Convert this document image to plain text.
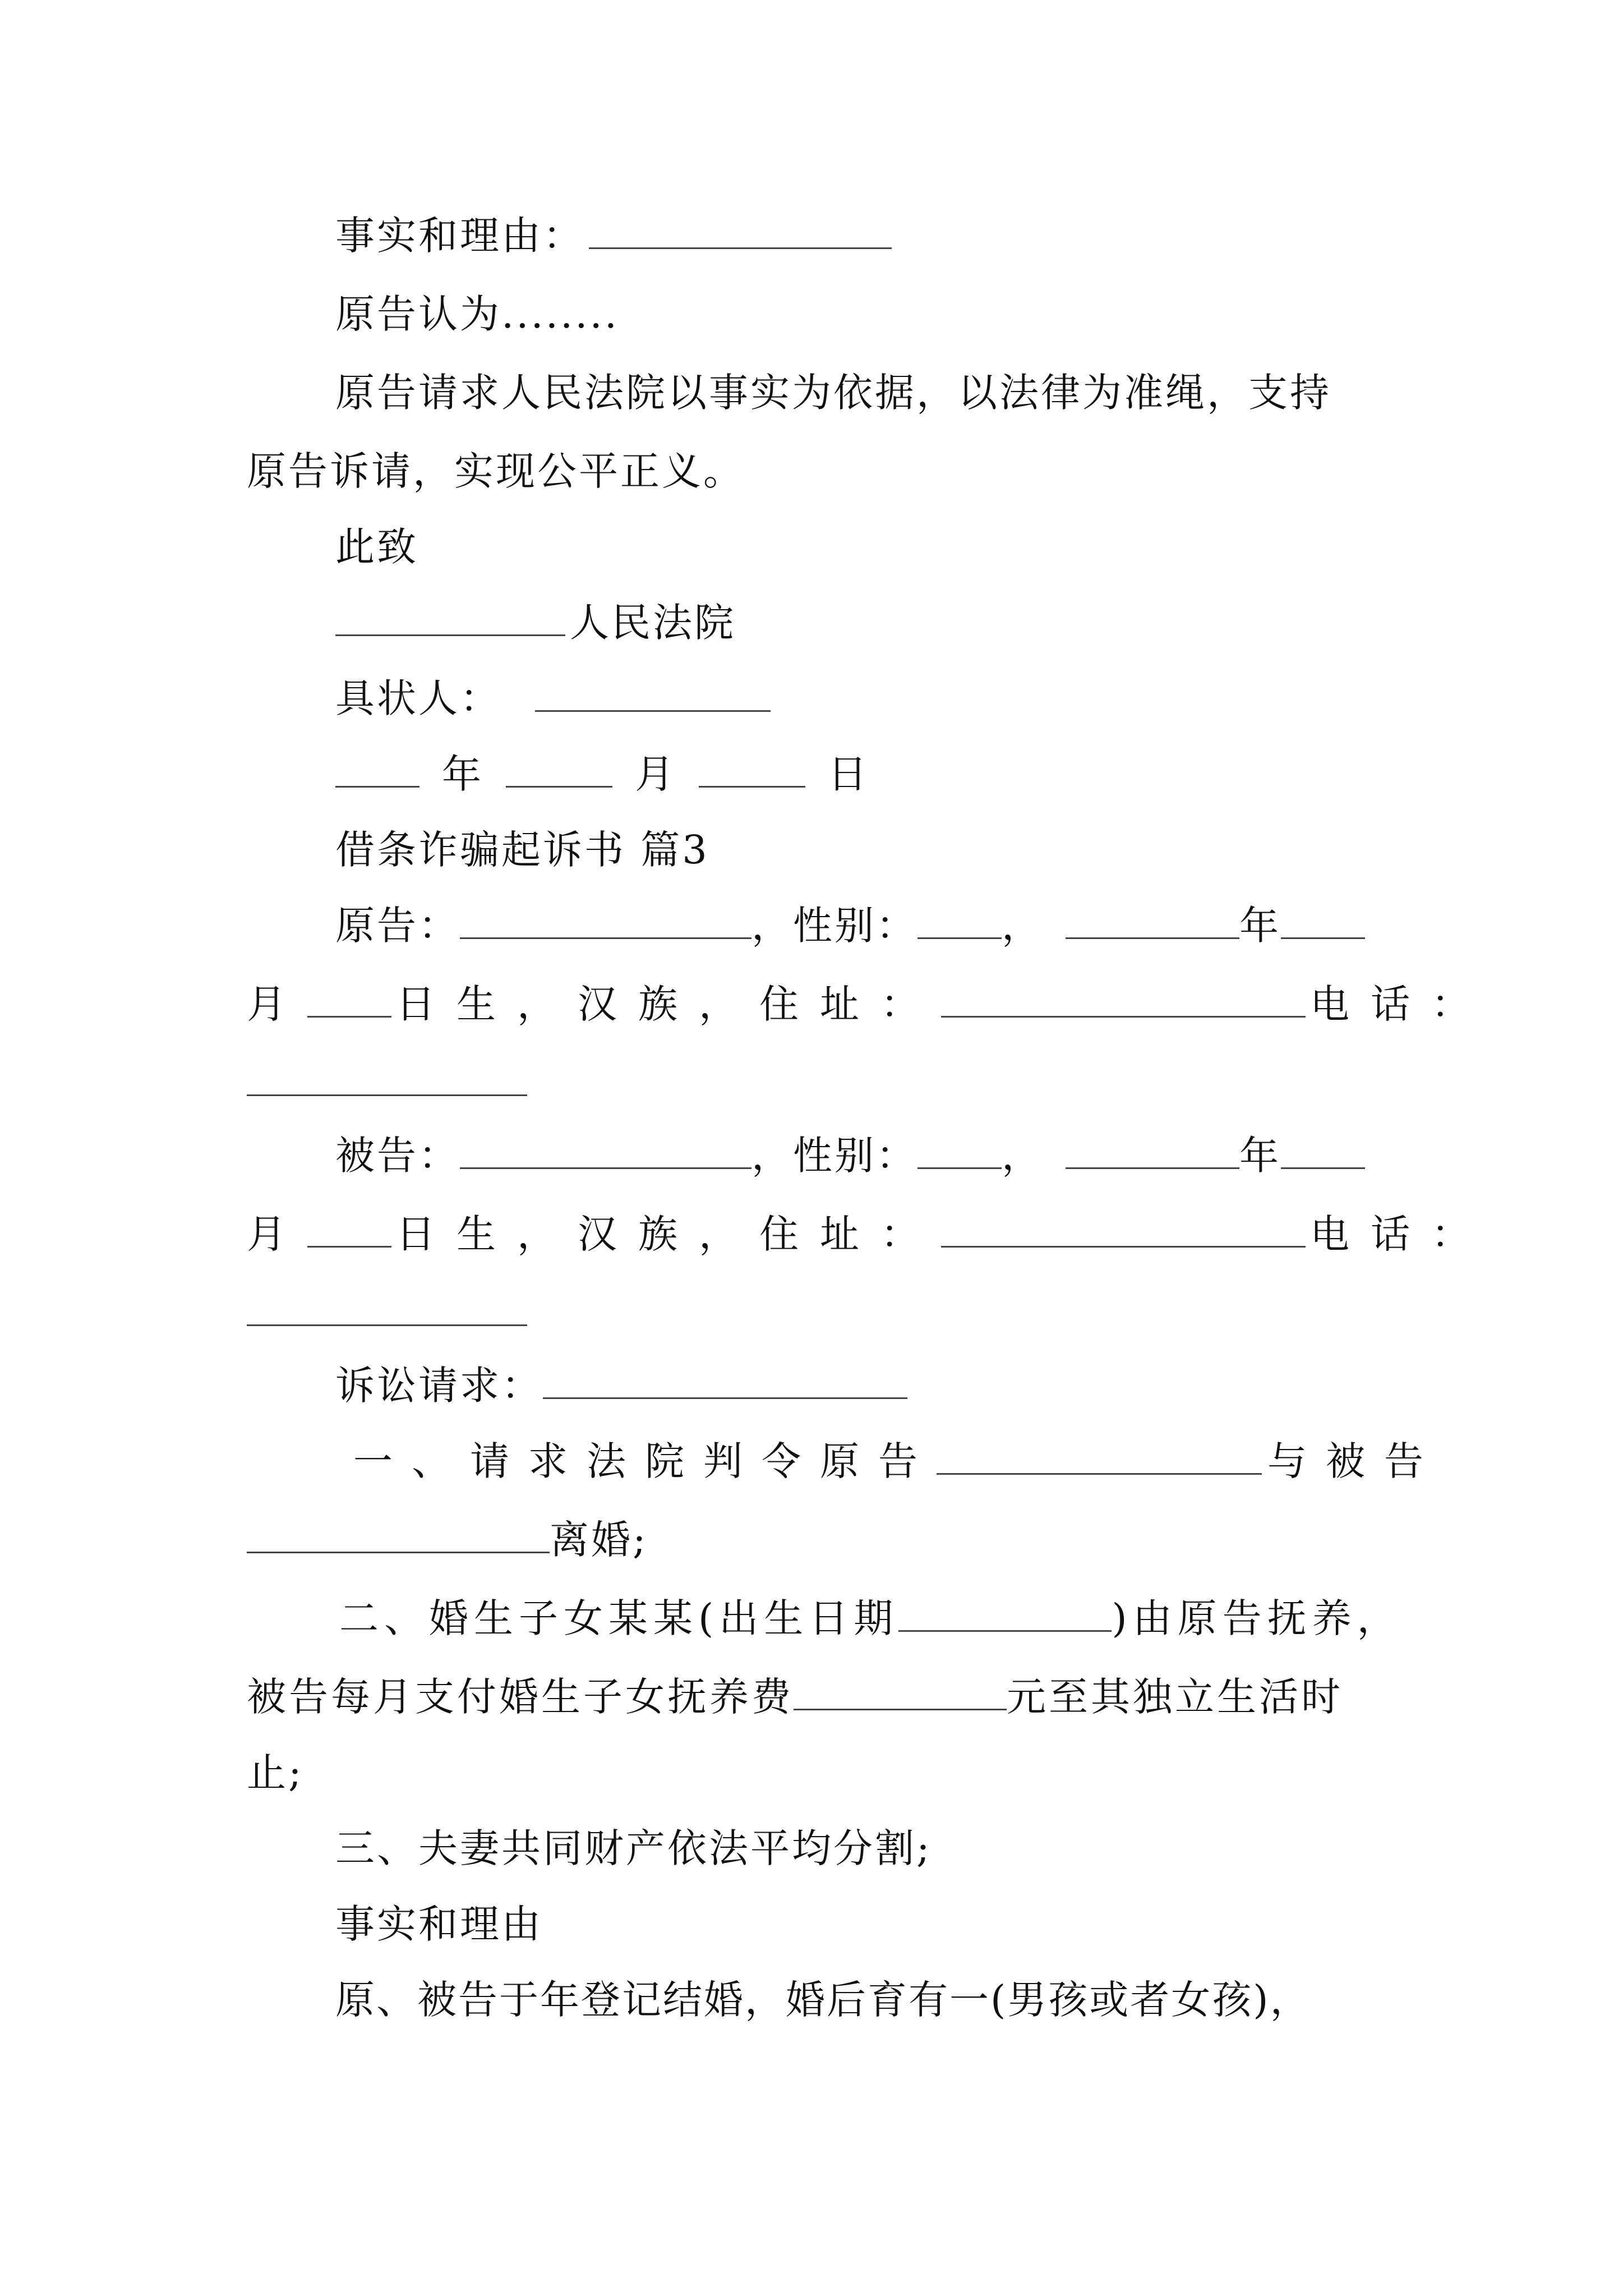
事实和理由：
原告认为........
原告请求人民法院以事实为依据，以法律为准绳，支持
原告诉请，实现公平正义。
此致
人民法院
具状人：
年	月	日
借条诈骗起诉书 篇3
原告：	，性别： ，	年
月 日生，汉族，住址：	电话：
被告：	，性别： ，	年
月 日生，汉族，住址：	电话：
诉讼请求：
一、请求法院判令原告	与被告
离婚;
二、婚生子女某某(出生日期	)由原告抚养，
被告每月支付婚生子女抚养费	元至其独立生活时
止;
三、夫妻共同财产依法平均分割;
事实和理由
原、被告于年登记结婚，婚后育有一(男孩或者女孩)，
